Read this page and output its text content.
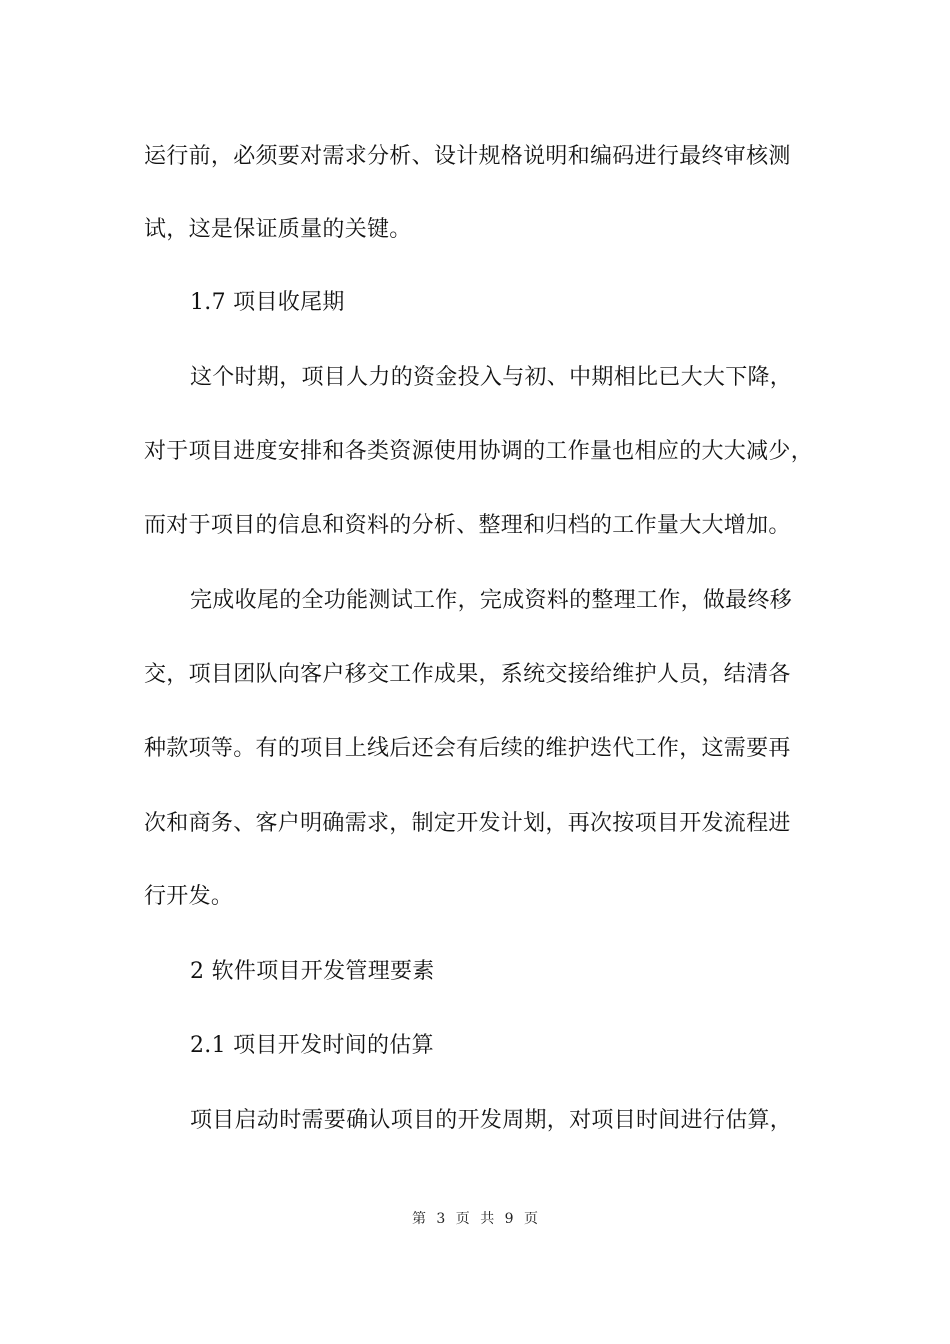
运行前，必须要对需求分析、设计规格说明和编码进行最终审核测
试，这是保证质量的关键。
1.7 项目收尾期
这个时期，项目人力的资金投入与初、中期相比已大大下降，
对于项目进度安排和各类资源使用协调的工作量也相应的大大减少，
而对于项目的信息和资料的分析、整理和归档的工作量大大增加。
完成收尾的全功能测试工作，完成资料的整理工作，做最终移
交，项目团队向客户移交工作成果，系统交接给维护人员，结清各
种款项等。有的项目上线后还会有后续的维护迭代工作，这需要再
次和商务、客户明确需求，制定开发计划，再次按项目开发流程进
行开发。
2 软件项目开发管理要素
2.1 项目开发时间的估算
项目启动时需要确认项目的开发周期，对项目时间进行估算，
第 3 页 共 9 页
